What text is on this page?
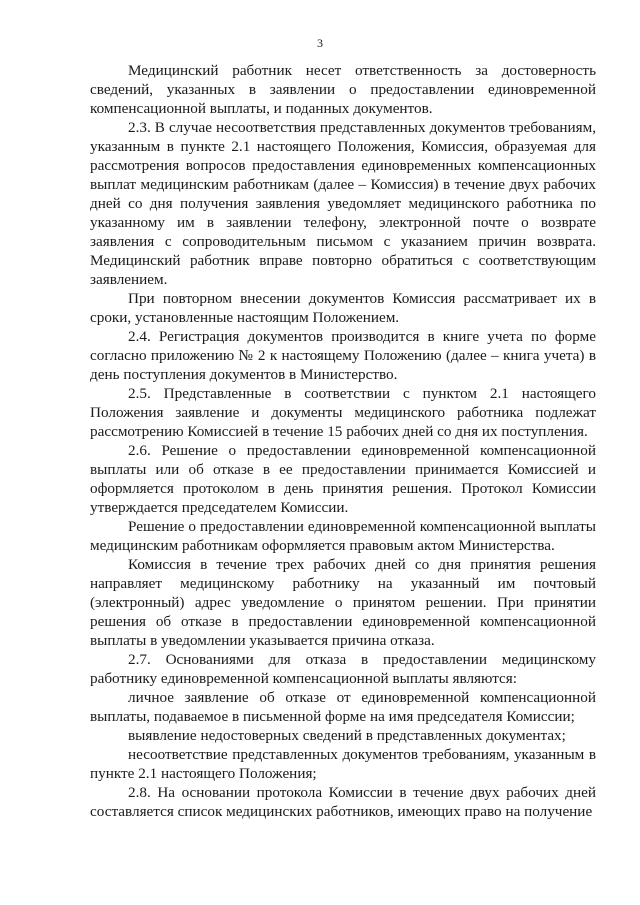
3

Медицинский работник несет ответственность за достоверность сведений, указанных в заявлении о предоставлении единовременной компенсационной выплаты, и поданных документов.

2.3. В случае несоответствия представленных документов требованиям, указанным в пункте 2.1 настоящего Положения, Комиссия, образуемая для рассмотрения вопросов предоставления единовременных компенсационных выплат медицинским работникам (далее – Комиссия) в течение двух рабочих дней со дня получения заявления уведомляет медицинского работника по указанному им в заявлении телефону, электронной почте о возврате заявления с сопроводительным письмом с указанием причин возврата. Медицинский работник вправе повторно обратиться с соответствующим заявлением.

При повторном внесении документов Комиссия рассматривает их в сроки, установленные настоящим Положением.

2.4. Регистрация документов производится в книге учета по форме согласно приложению № 2 к настоящему Положению (далее – книга учета) в день поступления документов в Министерство.

2.5. Представленные в соответствии с пунктом 2.1 настоящего Положения заявление и документы медицинского работника подлежат рассмотрению Комиссией в течение 15 рабочих дней со дня их поступления.

2.6. Решение о предоставлении единовременной компенсационной выплаты или об отказе в ее предоставлении принимается Комиссией и оформляется протоколом в день принятия решения. Протокол Комиссии утверждается председателем Комиссии.

Решение о предоставлении единовременной компенсационной выплаты медицинским работникам оформляется правовым актом Министерства.

Комиссия в течение трех рабочих дней со дня принятия решения направляет медицинскому работнику на указанный им почтовый (электронный) адрес уведомление о принятом решении. При принятии решения об отказе в предоставлении единовременной компенсационной выплаты в уведомлении указывается причина отказа.

2.7. Основаниями для отказа в предоставлении медицинскому работнику единовременной компенсационной выплаты являются:

личное заявление об отказе от единовременной компенсационной выплаты, подаваемое в письменной форме на имя председателя Комиссии;

выявление недостоверных сведений в представленных документах;

несоответствие представленных документов требованиям, указанным в пункте 2.1 настоящего Положения;

2.8. На основании протокола Комиссии в течение двух рабочих дней составляется список медицинских работников, имеющих право на получение
